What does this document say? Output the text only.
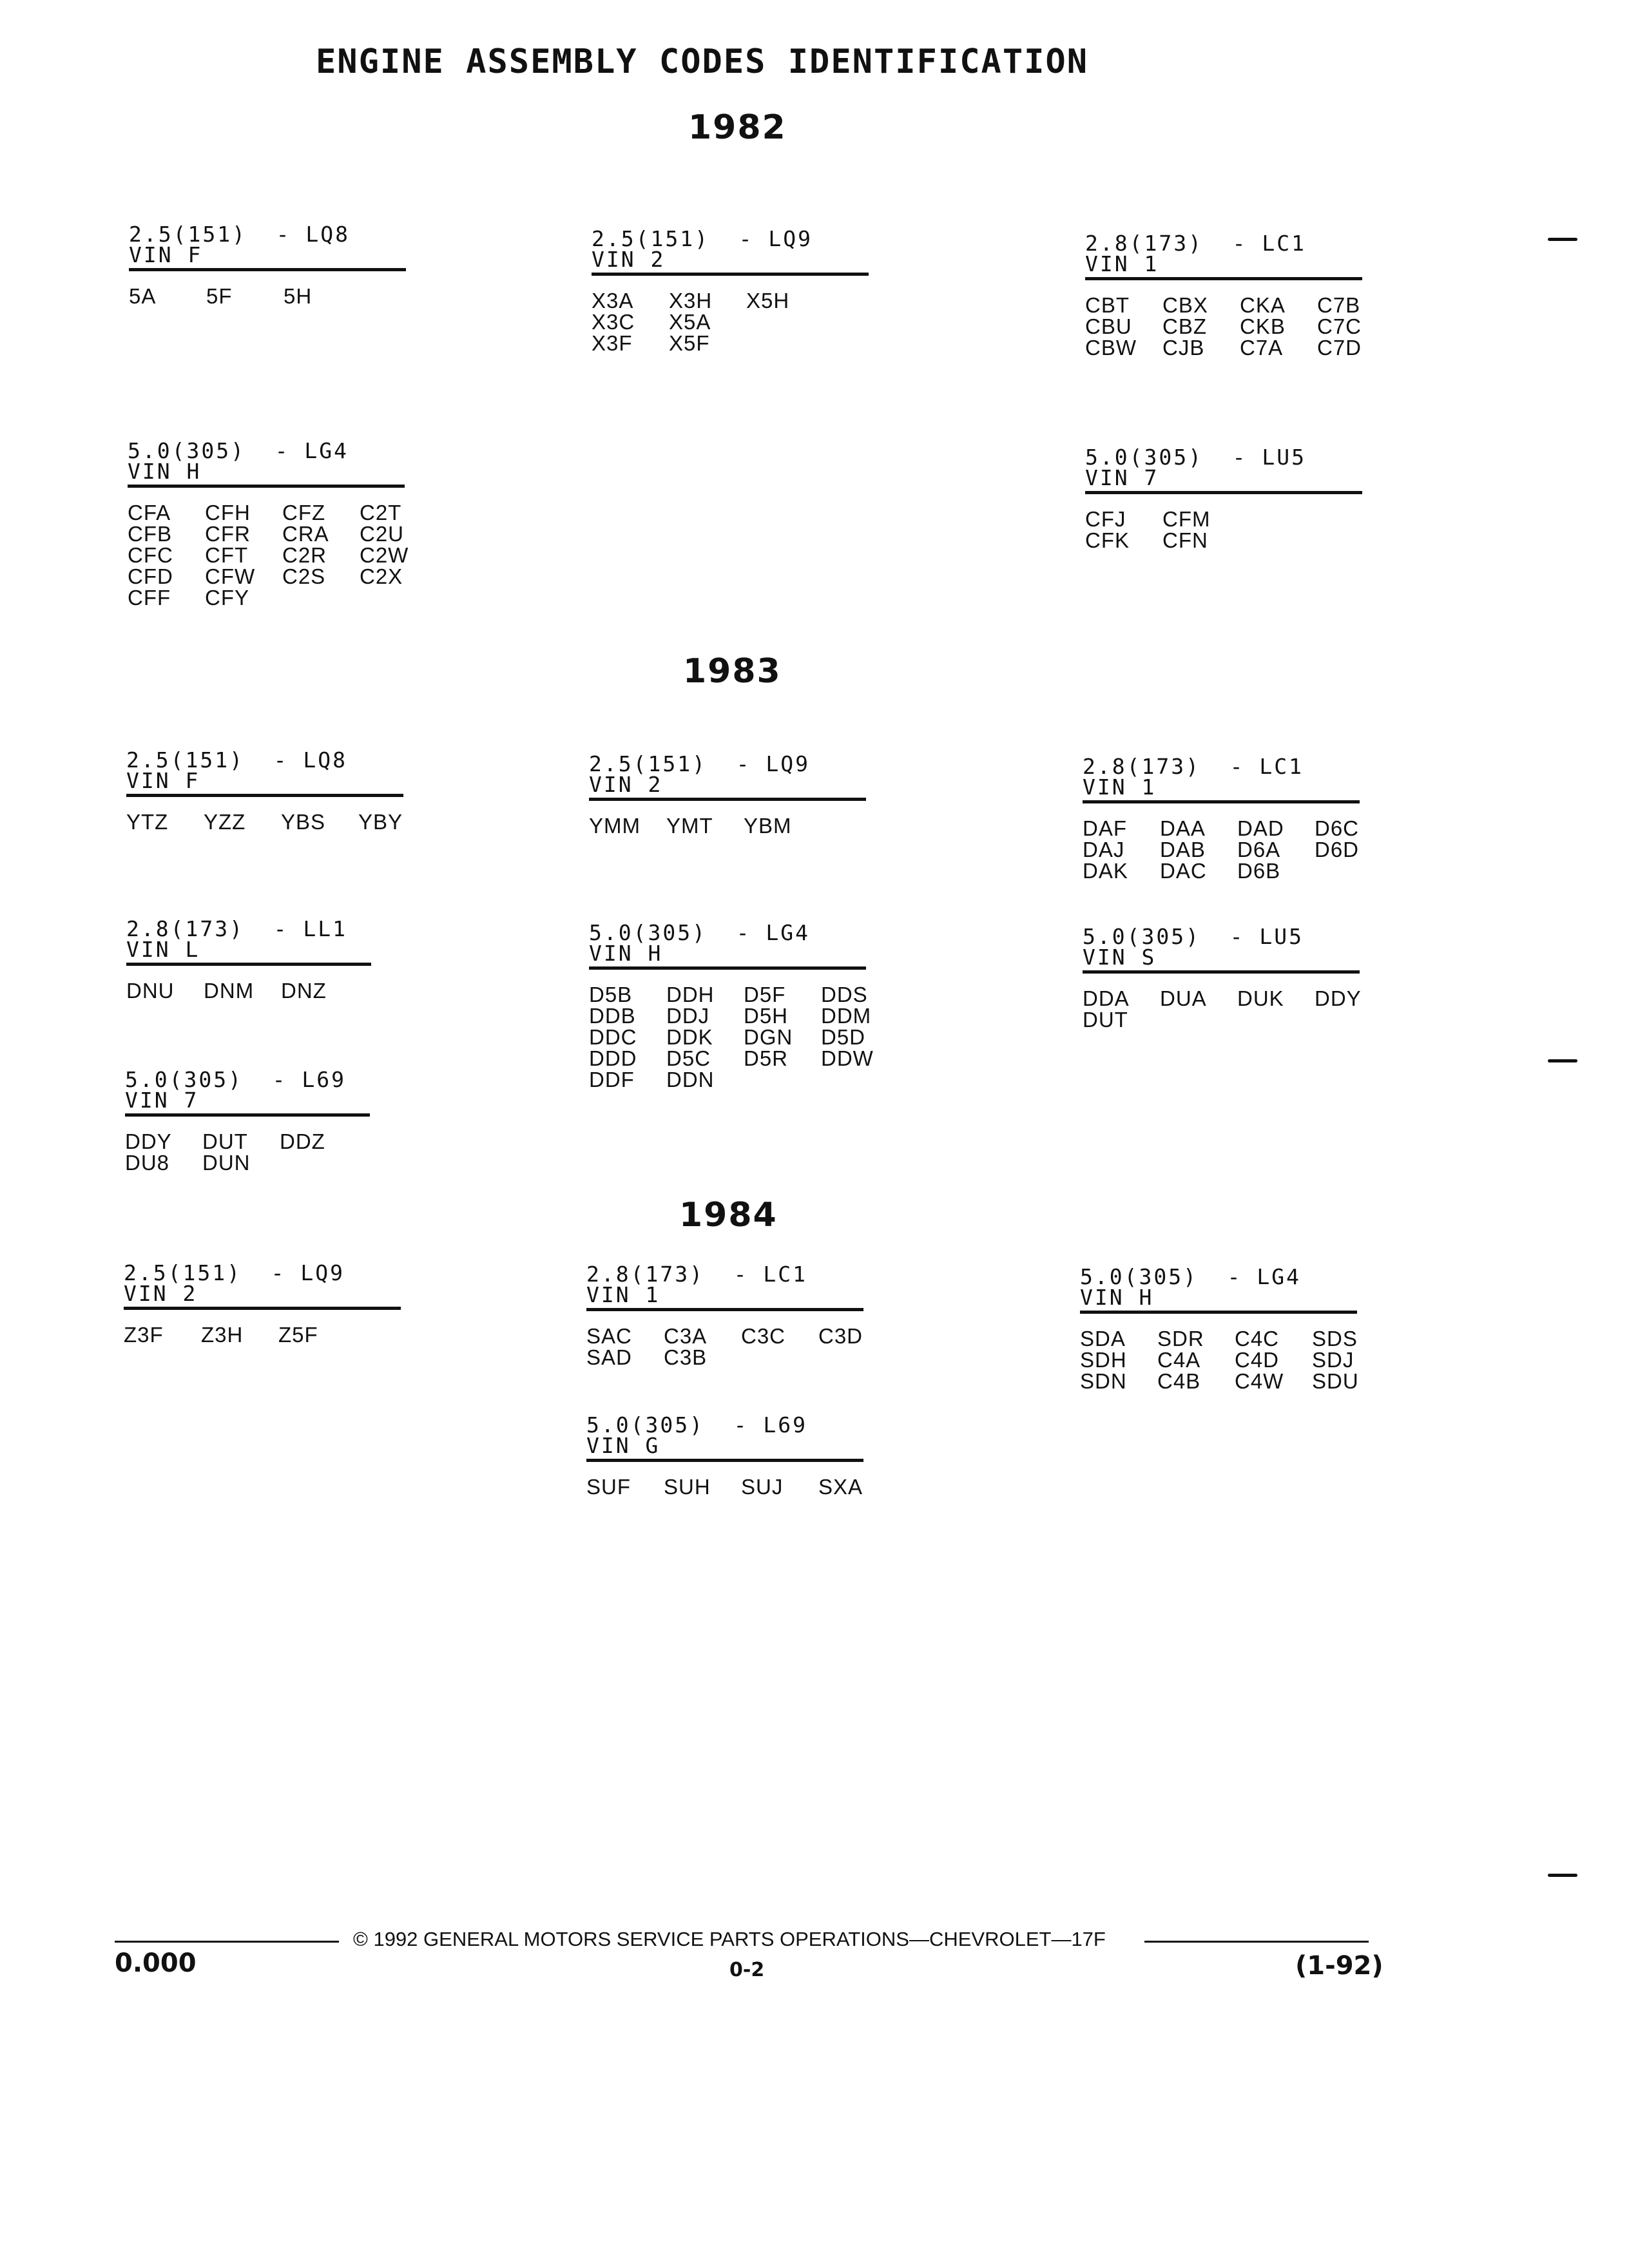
ENGINE ASSEMBLY CODES IDENTIFICATION
1982
1983
1984
2.5(151)  - LQ8
VIN F
5A	5F	5H
2.5(151)  - LQ9
VIN 2
X3A	X3H	X5H
X3C	X5A
X3F	X5F
2.8(173)  - LC1
VIN 1
CBT	CBX	CKA	C7B
CBU	CBZ	CKB	C7C
CBW	CJB	C7A	C7D
5.0(305)  - LG4
VIN H
CFA	CFH	CFZ	C2T
CFB	CFR	CRA	C2U
CFC	CFT	C2R	C2W
CFD	CFW	C2S	C2X
CFF	CFY
5.0(305)  - LU5
VIN 7
CFJ	CFM
CFK	CFN
2.5(151)  - LQ8
VIN F
YTZ	YZZ	YBS	YBY
2.5(151)  - LQ9
VIN 2
YMM	YMT	YBM
2.8(173)  - LC1
VIN 1
DAF	DAA	DAD	D6C
DAJ	DAB	D6A	D6D
DAK	DAC	D6B
2.8(173)  - LL1
VIN L
DNU	DNM	DNZ
5.0(305)  - LG4
VIN H
D5B	DDH	D5F	DDS
DDB	DDJ	D5H	DDM
DDC	DDK	DGN	D5D
DDD	D5C	D5R	DDW
DDF	DDN
5.0(305)  - LU5
VIN S
DDA	DUA	DUK	DDY
DUT
5.0(305)  - L69
VIN 7
DDY	DUT	DDZ
DU8	DUN
2.5(151)  - LQ9
VIN 2
Z3F	Z3H	Z5F
2.8(173)  - LC1
VIN 1
SAC	C3A	C3C	C3D
SAD	C3B
5.0(305)  - LG4
VIN H
SDA	SDR	C4C	SDS
SDH	C4A	C4D	SDJ
SDN	C4B	C4W	SDU
5.0(305)  - L69
VIN G
SUF	SUH	SUJ	SXA
© 1992 GENERAL MOTORS SERVICE PARTS OPERATIONS—CHEVROLET—17F
0.000	0-2	(1-92)
